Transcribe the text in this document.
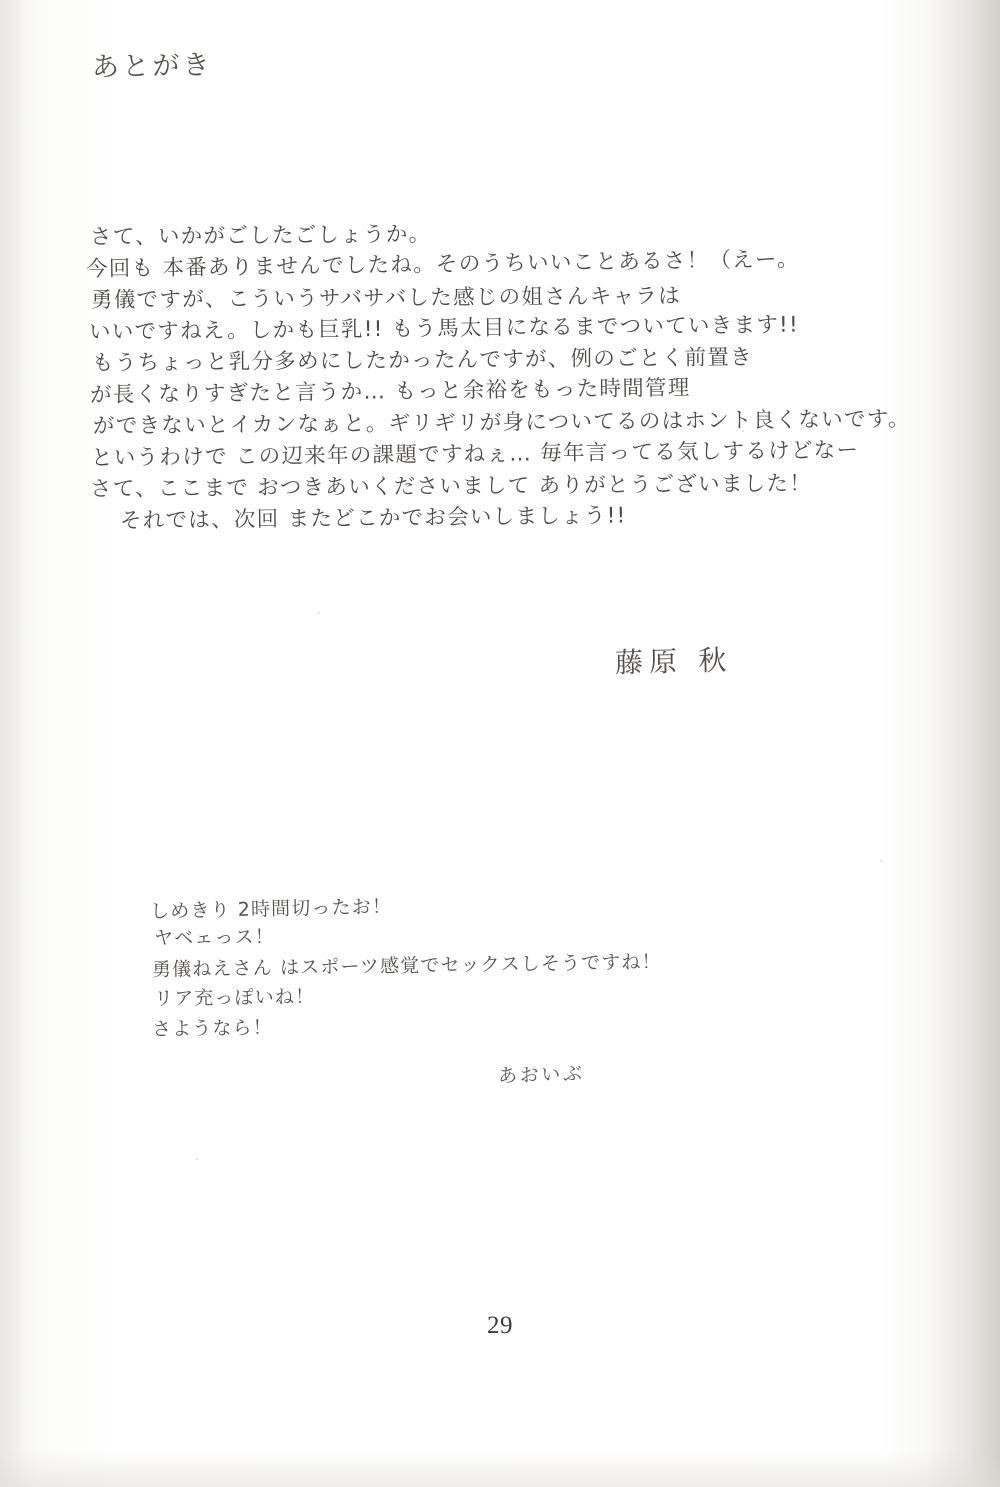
あとがき
さて、いかがごしたごしょうか。
今回も 本番ありませんでしたね。そのうちいいことあるさ！（えー。
勇儀ですが、こういうサバサバした感じの姐さんキャラは
いいですねえ。しかも巨乳!! もう馬太目になるまでついていきます!!
もうちょっと乳分多めにしたかったんですが、例のごとく前置き
が長くなりすぎたと言うか… もっと余裕をもった時間管理
ができないとイカンなぁと。ギリギリが身についてるのはホント良くないです。
というわけで この辺来年の課題ですねぇ… 毎年言ってる気しするけどなー
さて、ここまで おつきあいくださいまして ありがとうございました！
それでは、次回 またどこかでお会いしましょう!!
藤原 秋
しめきり 2時間切ったお！
ヤベェっス！
勇儀ねえさん はスポーツ感覚でセックスしそうですね！
リア充っぽいね！
さようなら！
あおいぶ
29
